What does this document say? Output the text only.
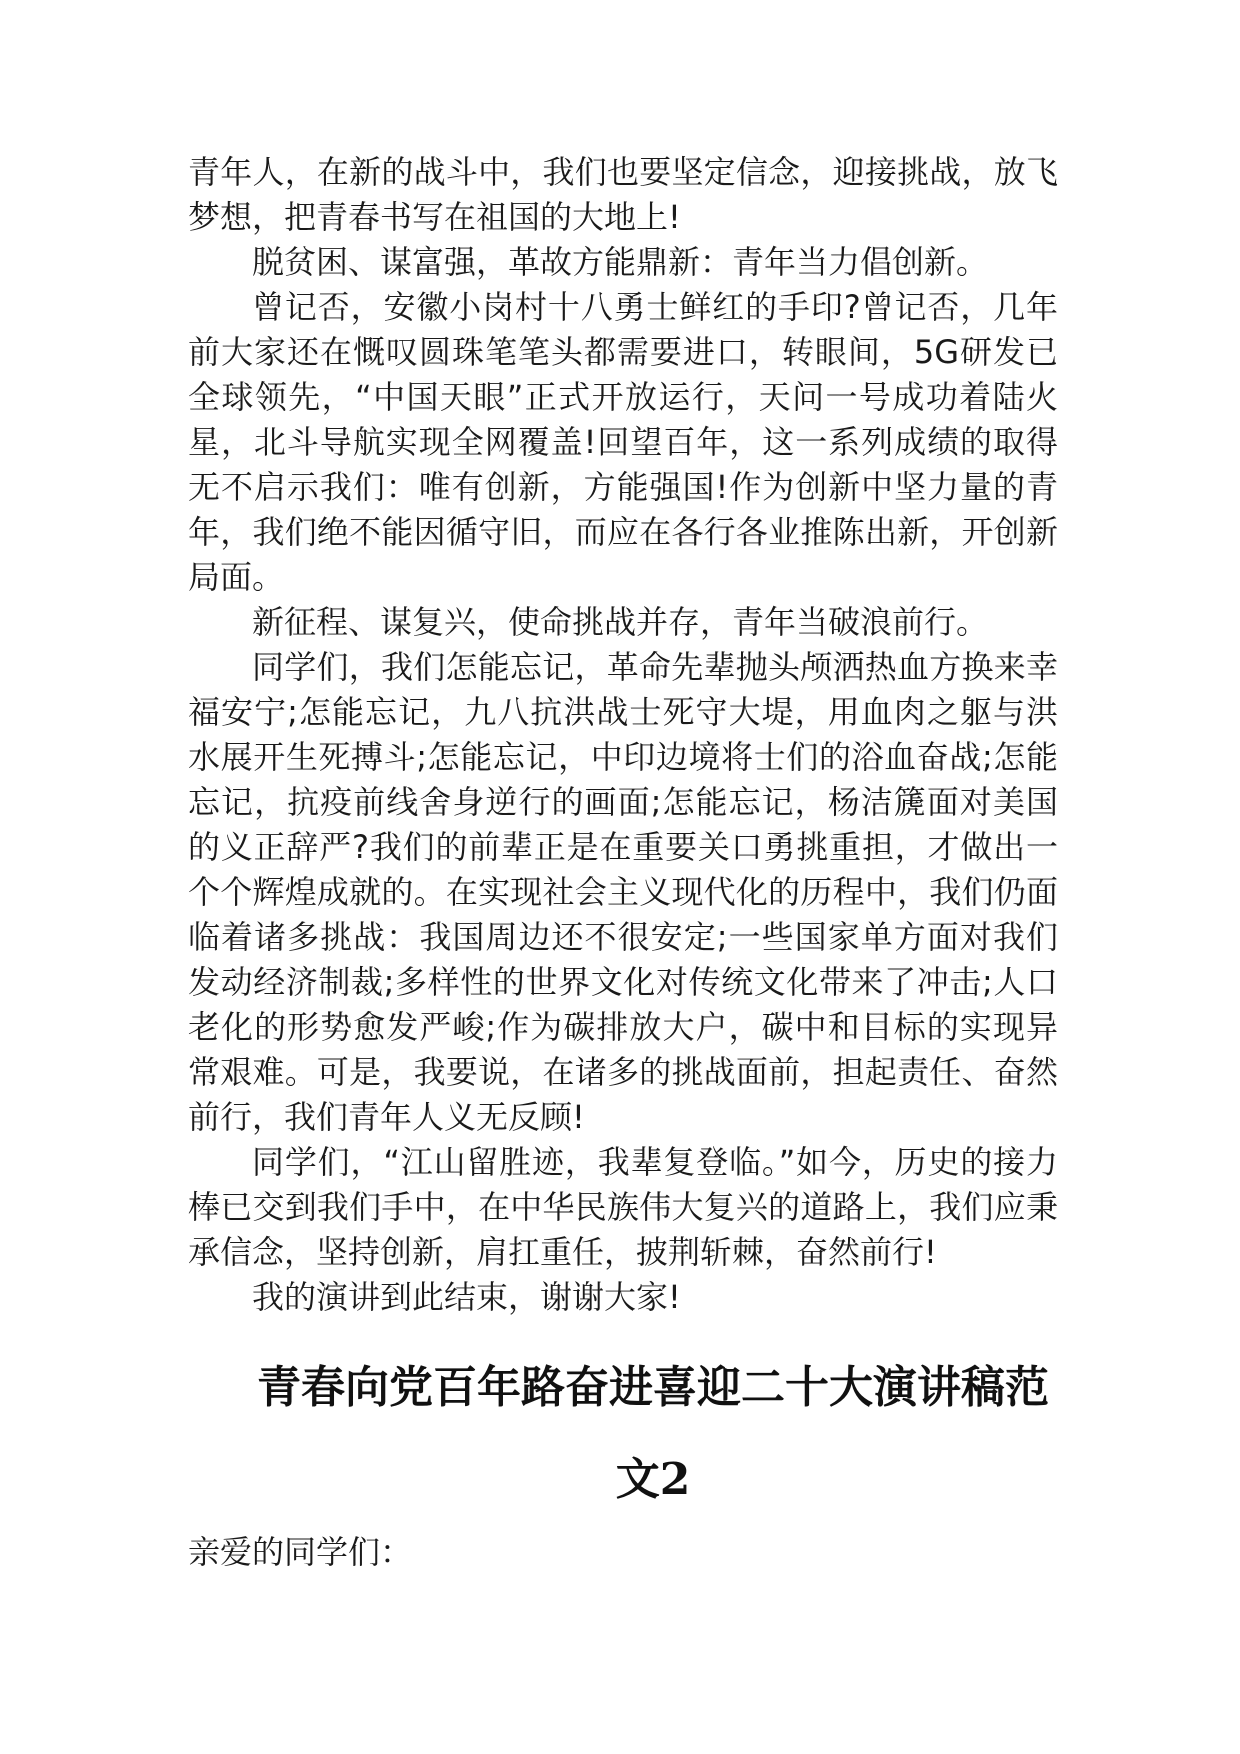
青年人，在新的战斗中，我们也要坚定信念，迎接挑战，放飞梦想，把青春书写在祖国的大地上!

脱贫困、谋富强，革故方能鼎新：青年当力倡创新。

曾记否，安徽小岗村十八勇士鲜红的手印?曾记否，几年前大家还在慨叹圆珠笔笔头都需要进口，转眼间，5G研发已全球领先，“中国天眼”正式开放运行，天问一号成功着陆火星，北斗导航实现全网覆盖!回望百年，这一系列成绩的取得无不启示我们：唯有创新，方能强国!作为创新中坚力量的青年，我们绝不能因循守旧，而应在各行各业推陈出新，开创新局面。

新征程、谋复兴，使命挑战并存，青年当破浪前行。

同学们，我们怎能忘记，革命先辈抛头颅洒热血方换来幸福安宁;怎能忘记，九八抗洪战士死守大堤，用血肉之躯与洪水展开生死搏斗;怎能忘记，中印边境将士们的浴血奋战;怎能忘记，抗疫前线舍身逆行的画面;怎能忘记，杨洁篪面对美国的义正辞严?我们的前辈正是在重要关口勇挑重担，才做出一个个辉煌成就的。在实现社会主义现代化的历程中，我们仍面临着诸多挑战：我国周边还不很安定;一些国家单方面对我们发动经济制裁;多样性的世界文化对传统文化带来了冲击;人口老化的形势愈发严峻;作为碳排放大户，碳中和目标的实现异常艰难。可是，我要说，在诸多的挑战面前，担起责任、奋然前行，我们青年人义无反顾!

同学们，“江山留胜迹，我辈复登临。”如今，历史的接力棒已交到我们手中，在中华民族伟大复兴的道路上，我们应秉承信念，坚持创新，肩扛重任，披荆斩棘，奋然前行!

我的演讲到此结束，谢谢大家!

青春向党百年路奋进喜迎二十大演讲稿范文2

亲爱的同学们：
